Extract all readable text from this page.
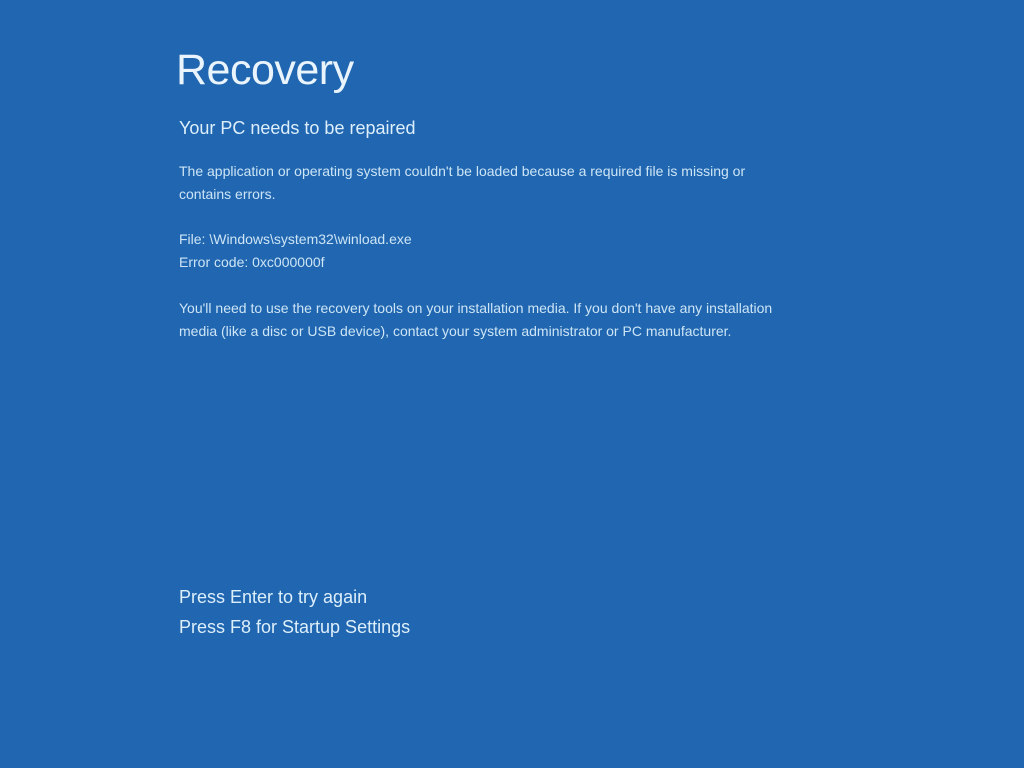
Recovery
Your PC needs to be repaired
The application or operating system couldn't be loaded because a required file is missing or
contains errors.
File: \Windows\system32\winload.exe
Error code: 0xc000000f
You'll need to use the recovery tools on your installation media. If you don't have any installation
media (like a disc or USB device), contact your system administrator or PC manufacturer.
Press Enter to try again
Press F8 for Startup Settings
